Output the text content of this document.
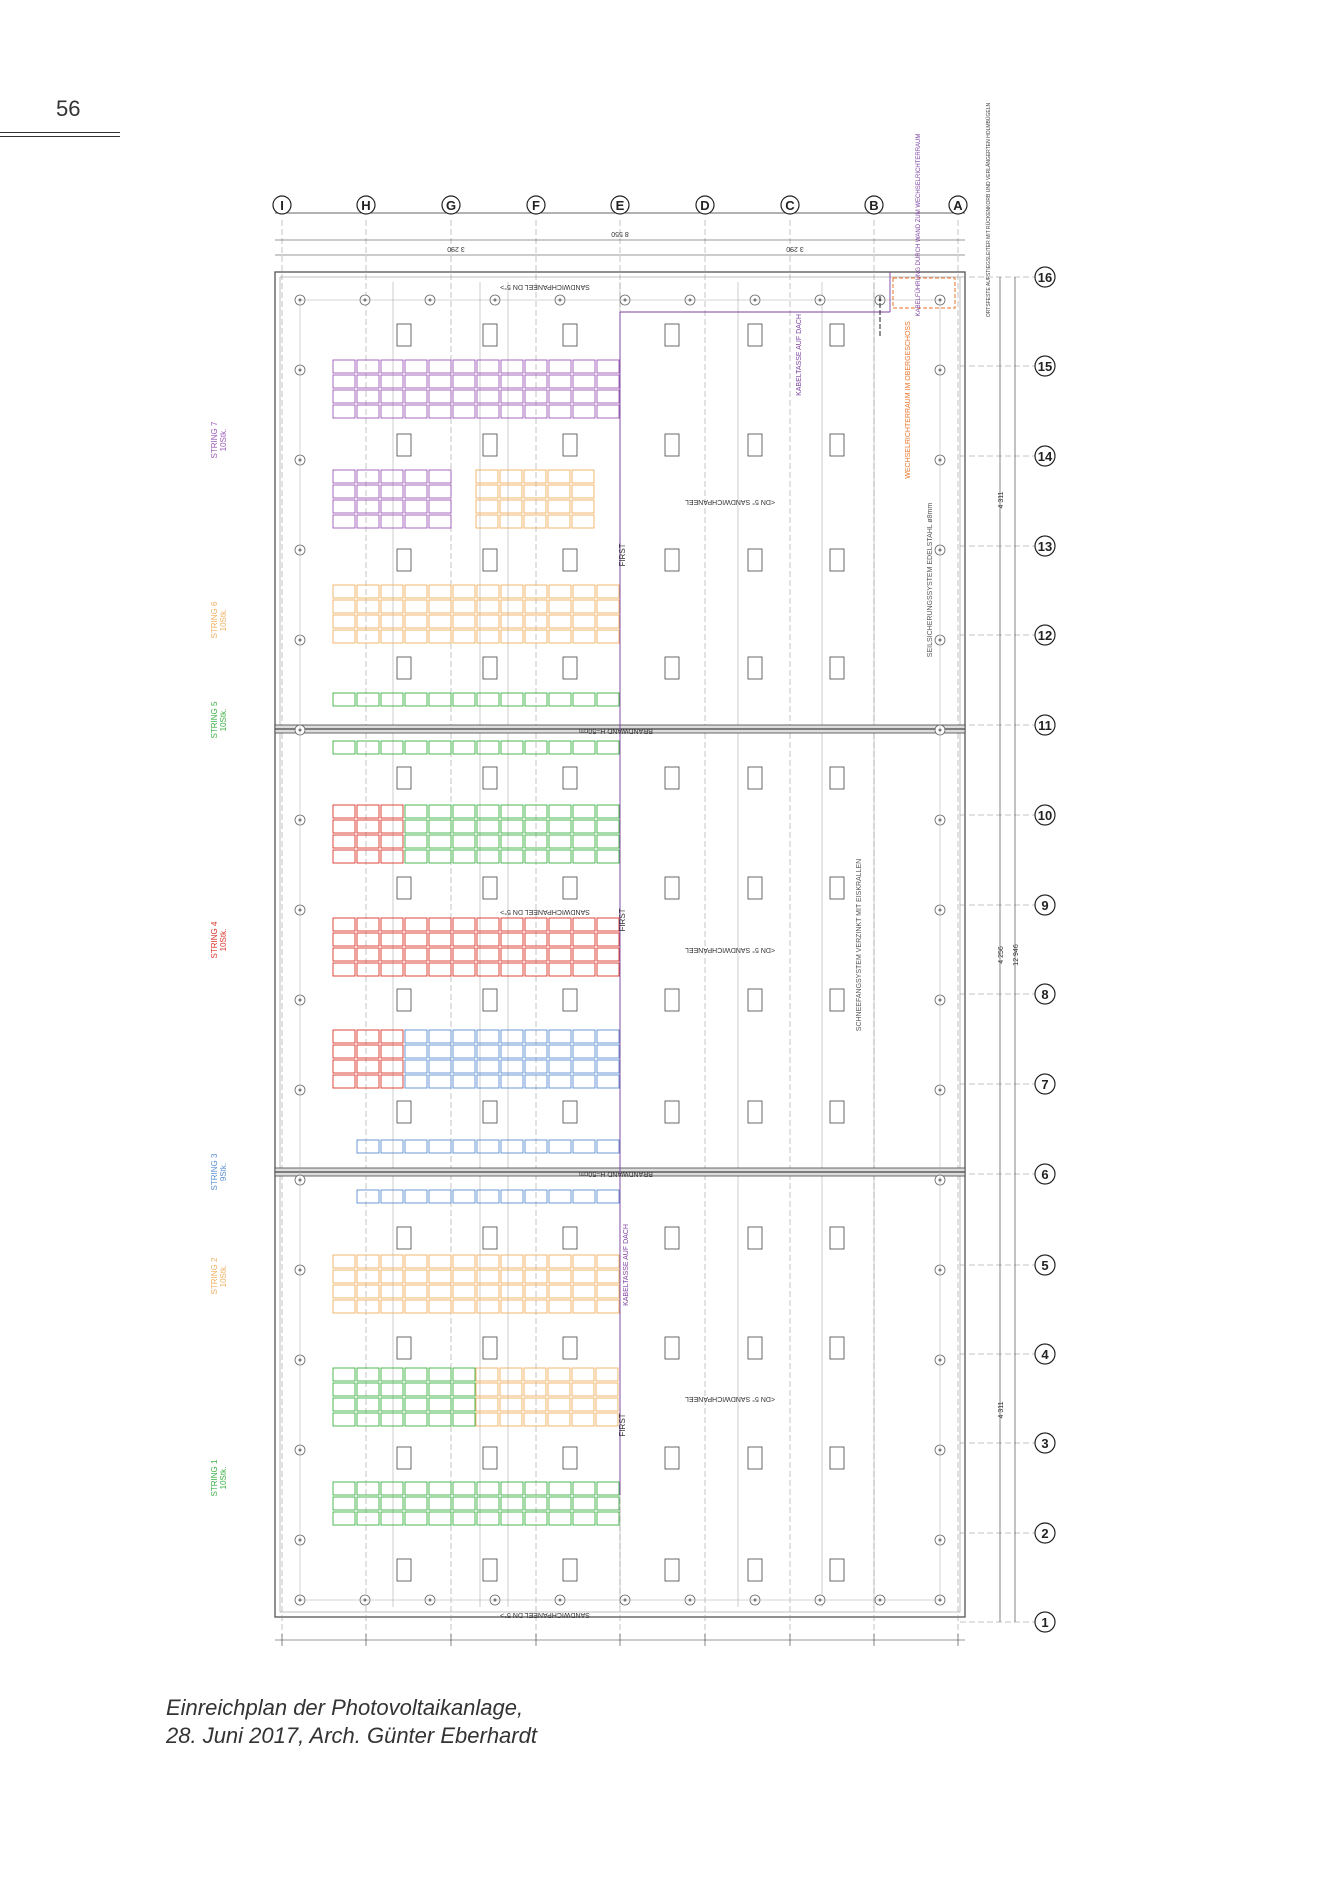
56
STRING 7 10Stk.
STRING 6 10Stk.
STRING 5 10Stk.
STRING 4 10Stk.
STRING 3 9Stk.
STRING 2 10Stk.
STRING 1 10Stk.
BRANDWAND H=50cm
BRANDWAND H=50cm
FIRST
FIRST
FIRST
SANDWICHPANEEL DN 5°>
<DN 5° SANDWICHPANEEL
SANDWICHPANEEL DN 5°>
<DN 5° SANDWICHPANEEL
<DN 5° SANDWICHPANEEL
SANDWICHPANEEL DN 5°>
KABELTASSE AUF DACH
KABELTASSE AUF DACH
WECHSELRICHTERRAUM IM OBERGESCHOSS
KABELFÜHRUNG DURCH WAND ZUM WECHSELRICHTERRAUM
SEILSICHERUNGSSYSTEM EDELSTAHL ø8mm
SCHNEEFANGSYSTEM VERZINKT MIT EISKRALLEN
ORTSFESTE AUFSTIEGSLEITER MIT RÜCKENKORB UND VERLÄNGERTEN HOLMBÜGELN
8 550
3 290	3 290
4 311
4 256 12 946
4 311
I	H	G	F	E	D	C	B	A
1
2
3
4
5
6
7
8
9
10
11
12
13
14
15
16
Einreichplan der Photovoltaikanlage,
28. Juni 2017, Arch. Günter Eberhardt
